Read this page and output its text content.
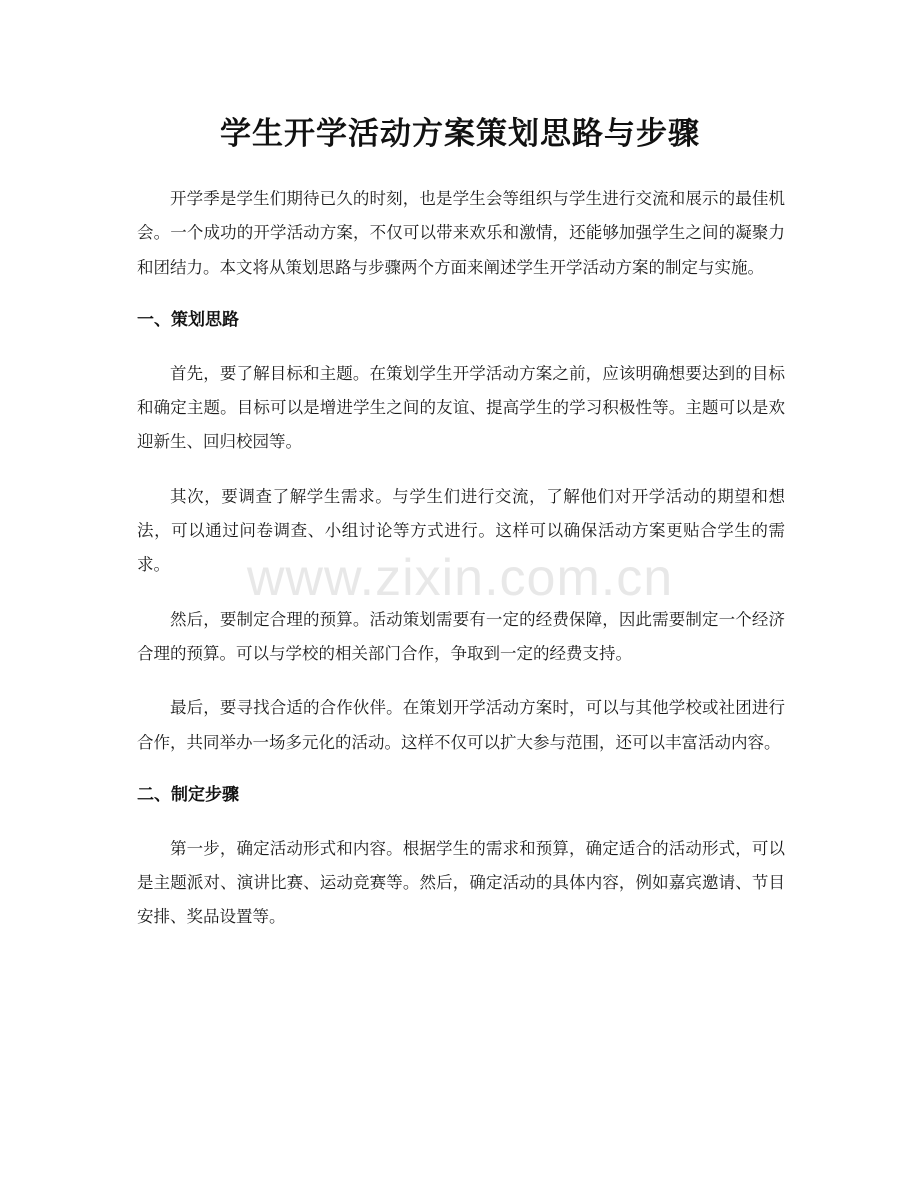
学生开学活动方案策划思路与步骤

开学季是学生们期待已久的时刻，也是学生会等组织与学生进行交流和展示的最佳机会。一个成功的开学活动方案，不仅可以带来欢乐和激情，还能够加强学生之间的凝聚力和团结力。本文将从策划思路与步骤两个方面来阐述学生开学活动方案的制定与实施。

一、策划思路

首先，要了解目标和主题。在策划学生开学活动方案之前，应该明确想要达到的目标和确定主题。目标可以是增进学生之间的友谊、提高学生的学习积极性等。主题可以是欢迎新生、回归校园等。

其次，要调查了解学生需求。与学生们进行交流，了解他们对开学活动的期望和想法，可以通过问卷调查、小组讨论等方式进行。这样可以确保活动方案更贴合学生的需求。

然后，要制定合理的预算。活动策划需要有一定的经费保障，因此需要制定一个经济合理的预算。可以与学校的相关部门合作，争取到一定的经费支持。

最后，要寻找合适的合作伙伴。在策划开学活动方案时，可以与其他学校或社团进行合作，共同举办一场多元化的活动。这样不仅可以扩大参与范围，还可以丰富活动内容。

二、制定步骤

第一步，确定活动形式和内容。根据学生的需求和预算，确定适合的活动形式，可以是主题派对、演讲比赛、运动竞赛等。然后，确定活动的具体内容，例如嘉宾邀请、节目安排、奖品设置等。

www.zixin.com.cn
